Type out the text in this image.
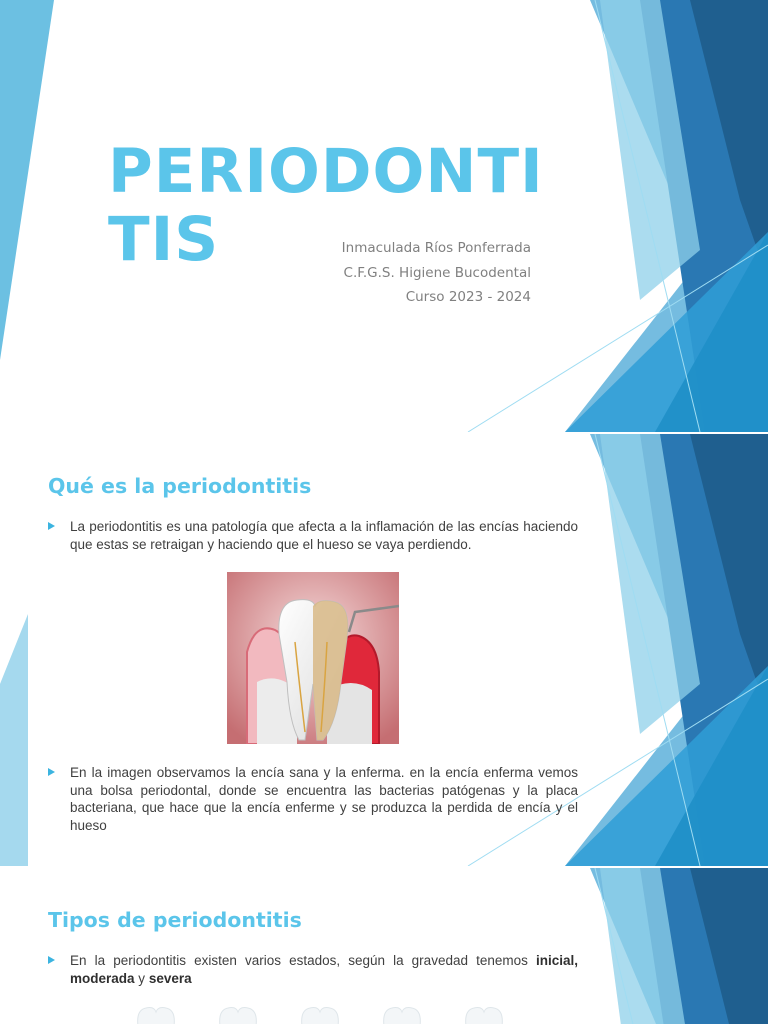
PERIODONTITIS	Inmaculada Ríos Ponferrada
C.F.G.S. Higiene Bucodental
Curso 2023 - 2024
Qué es la periodontitis
La periodontitis es una patología que afecta a la inflamación de las encías haciendo que estas se retraigan y haciendo que el hueso se vaya perdiendo.
En la imagen observamos la encía sana y la enferma. en la encía enferma vemos una bolsa periodontal, donde se encuentra las bacterias patógenas y la placa bacteriana, que hace que la encía enferme y se produzca la perdida de encía y el hueso
Tipos de periodontitis
En la periodontitis existen varios estados, según la gravedad tenemos inicial, moderada y severa
